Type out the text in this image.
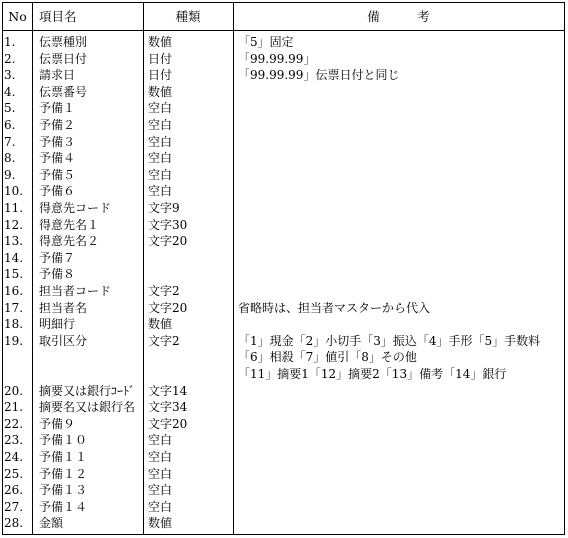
No 項目名	種類	備　　　考
1. 伝票種別	数値	「5」固定
2. 伝票日付	日付	「99.99.99」
3. 請求日	日付	「99.99.99」伝票日付と同じ
4. 伝票番号	数値
5. 予備１	空白
6. 予備２	空白
7. 予備３	空白
8. 予備４	空白
9. 予備５	空白
10. 予備６	空白
11. 得意先コード	文字9
12. 得意先名１	文字30
13. 得意先名２	文字20
14. 予備７
15. 予備８
16. 担当者コード	文字2
17. 担当者名	文字20	省略時は、担当者マスターから代入
18. 明細行	数値
19. 取引区分	文字2	「1」現金「2」小切手「3」振込「4」手形「5」手数料
「6」相殺「7」値引「8」その他
「11」摘要1「12」摘要2「13」備考「14」銀行
20. 摘要又は銀行ｺｰﾄﾞ 文字14
21. 摘要名又は銀行名 文字34
22. 予備９	文字20
23. 予備１０	空白
24. 予備１１	空白
25. 予備１２	空白
26. 予備１３	空白
27. 予備１４	空白
28. 金額	数値
